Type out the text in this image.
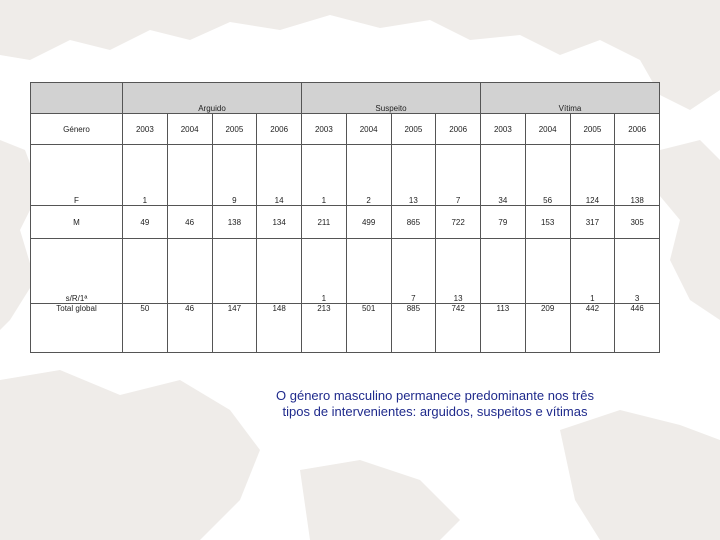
	Arguido				Suspeito				Vítima			
Género	2003	2004	2005	2006	2003	2004	2005	2006	2003	2004	2005	2006
F	1		9	14	1	2	13	7	34	56	124	138
M	49	46	138	134	211	499	865	722	79	153	317	305
s/R/1ª					1		7	13			1	3
Total global	50	46	147	148	213	501	885	742	113	209	442	446
O género masculino permanece predominante nos três tipos de intervenientes: arguidos, suspeitos e vítimas
